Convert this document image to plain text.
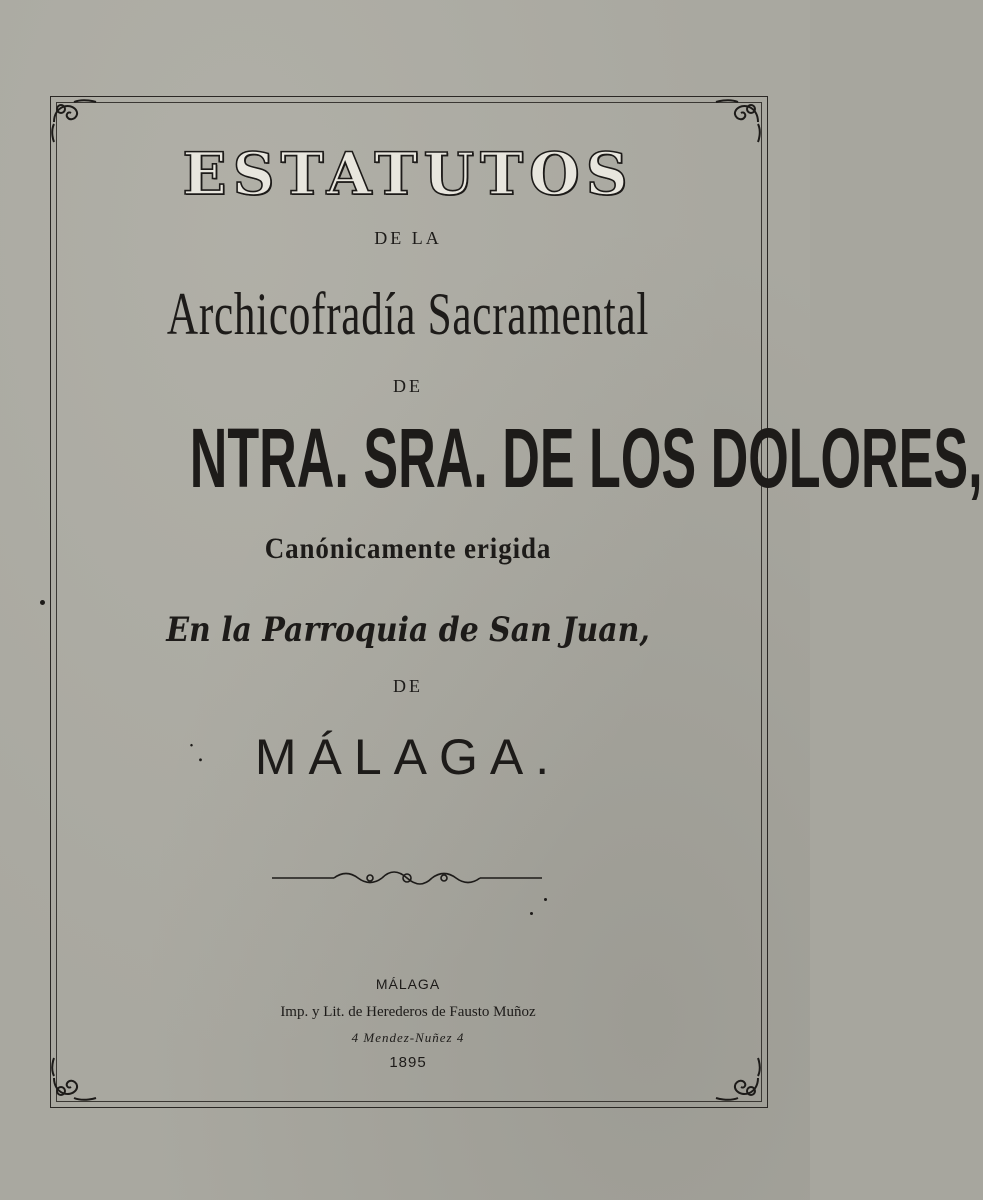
ESTATUTOS
DE LA
Archicofradía Sacramental
DE
NTRA. SRA. DE LOS DOLORES,
Canónicamente erigida
En la Parroquia de San Juan,
DE
˙.	MÁLAGA.
MÁLAGA
Imp. y Lit. de Herederos de Fausto Muñoz
4 Mendez-Nuñez 4
1895
